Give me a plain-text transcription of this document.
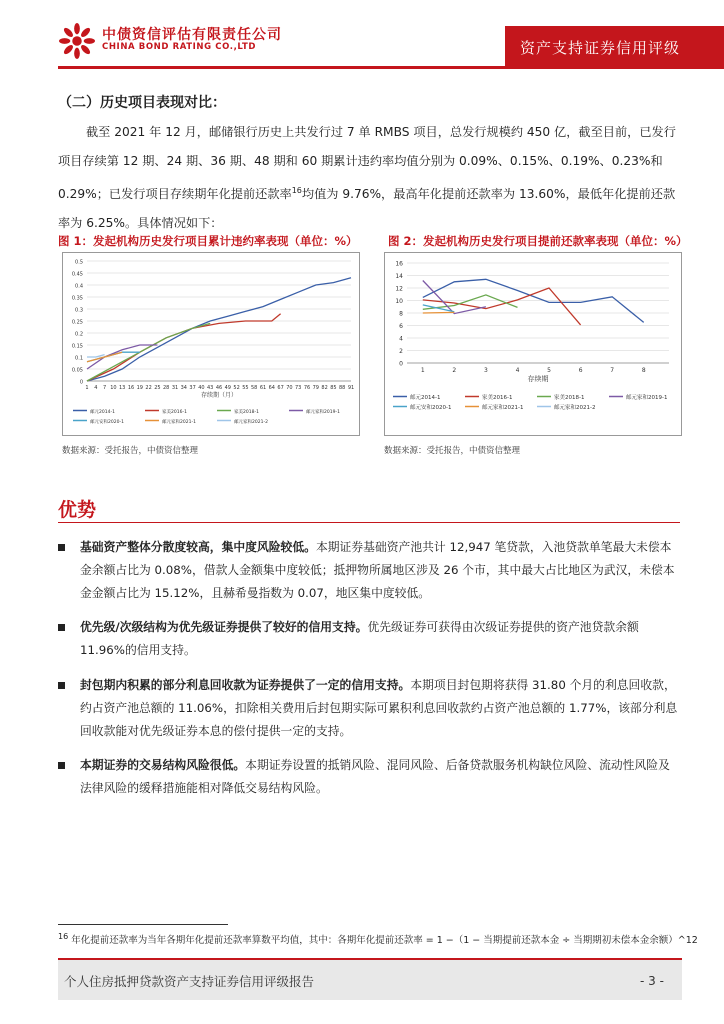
中债资信评估有限责任公司
CHINA BOND RATING CO.,LTD	资产支持证券信用评级
（二）历史项目表现对比：

截至 2021 年 12 月，邮储银行历史上共发行过 7 单 RMBS 项目，总发行规模约 450 亿，截至目前，已发行项目存续第 12 期、24 期、36 期、48 期和 60 期累计违约率均值分别为 0.09%、0.15%、0.19%、0.23%和 0.29%；已发行项目存续期年化提前还款率$^{16}$均值为 9.76%，最高年化提前还款率为 13.60%，最低年化提前还款率为 6.25%。具体情况如下：

图 1：发起机构历史发行项目累计违约率表现（单位：%）
0
0.05
0.1
0.15
0.2
0.25
0.3
0.35
0.4
0.45
0.5
1 4 7 10 13 16 19 22 25 28 31 34 37 40 43 46 49 52 55 58 61 64 67 70 73 76 79 82 85 88 91
存续期（月）
邮元2014-1	家美2016-1	家美2018-1	邮元家和2019-1
邮元安和2020-1	邮元家和2021-1	邮元家和2021-2
数据来源：受托报告，中债资信整理
图 2：发起机构历史发行项目提前还款率表现（单位：%）
0
2
4
6
8
10
12
14
16
1	2	3	4	5	6	7	8
存续期
邮元2014-1	家美2016-1	家美2018-1	邮元家和2019-1
邮元安和2020-1	邮元家和2021-1	邮元家和2021-2
数据来源：受托报告，中债资信整理
优势
基础资产整体分散度较高，集中度风险较低。本期证券基础资产池共计 12,947 笔贷款，入池贷款单笔最大未偿本金余额占比为 0.08%，借款人金额集中度较低；抵押物所属地区涉及 26 个市，其中最大占比地区为武汉，未偿本金金额占比为 15.12%，且赫希曼指数为 0.07，地区集中度较低。
优先级/次级结构为优先级证券提供了较好的信用支持。优先级证券可获得由次级证券提供的资产池贷款余额 11.96%的信用支持。
封包期内积累的部分利息回收款为证券提供了一定的信用支持。本期项目封包期将获得 31.80 个月的利息回收款，约占资产池总额的 11.06%，扣除相关费用后封包期实际可累积利息回收款约占资产池总额的 1.77%，该部分利息回收款能对优先级证券本息的偿付提供一定的支持。
本期证券的交易结构风险很低。本期证券设置的抵销风险、混同风险、后备贷款服务机构缺位风险、流动性风险及法律风险的缓释措施能相对降低交易结构风险。
$^{16}$ 年化提前还款率为当年各期年化提前还款率算数平均值，其中：各期年化提前还款率 = 1 −（1 − 当期提前还款本金 ÷ 当期期初未偿本金余额）^12
个人住房抵押贷款资产支持证券信用评级报告	- 3 -
